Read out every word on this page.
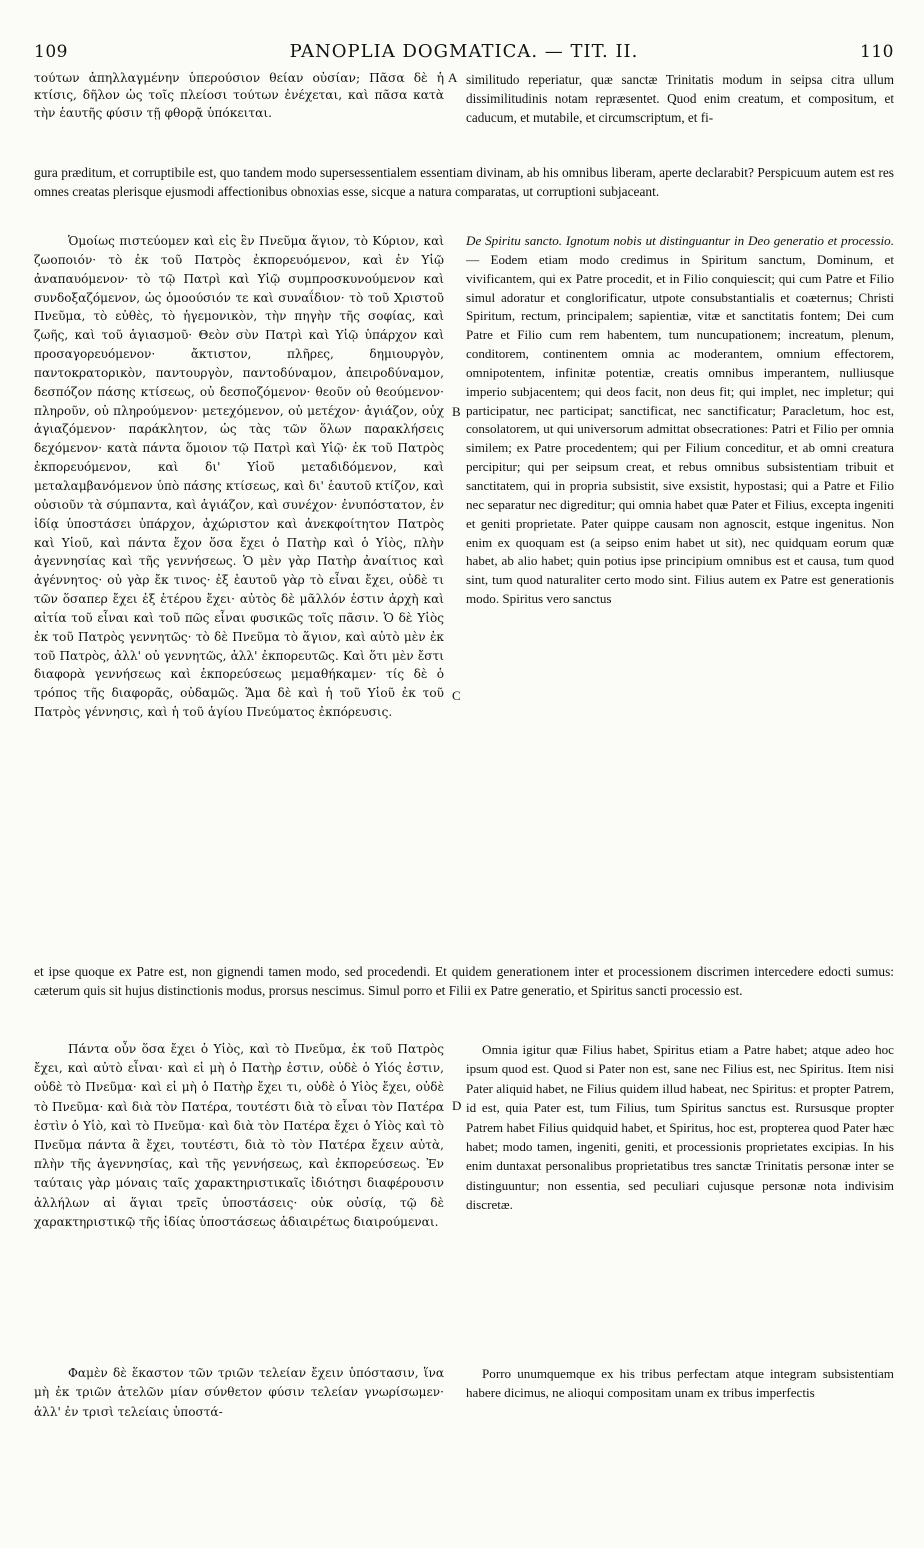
109	PANOPLIA DOGMATICA. — TIT. II.	110

τούτων ἀπηλλαγμένην ὑπερούσιον θείαν οὐσίαν; Πᾶσα δὲ ἡ κτίσις, δῆλον ὡς τοῖς πλείοσι τούτων ἐνέχεται, καὶ πᾶσα κατὰ τὴν ἑαυτῆς φύσιν τῇ φθορᾷ ὑπόκειται.

A similitudo reperiatur, quæ sanctæ Trinitatis modum in seipsa citra ullum dissimilitudinis notam repræsentet. Quod enim creatum, et compositum, et caducum, et mutabile, et circumscriptum, et fi-

gura præditum, et corruptibile est, quo tandem modo supersessentialem essentiam divinam, ab his omnibus liberam, aperte declarabit? Perspicuum autem est res omnes creatas plerisque ejusmodi affectionibus obnoxias esse, sicque a natura comparatas, ut corruptioni subjaceant.

Ὁμοίως πιστεύομεν καὶ εἰς ἓν Πνεῦμα ἅγιον, τὸ Κύριον, καὶ ζωοποιόν· τὸ ἐκ τοῦ Πατρὸς ἐκπορευόμενον, καὶ ἐν Υἱῷ ἀναπαυόμενον· τὸ τῷ Πατρὶ καὶ Υἱῷ συμπροσκυνούμενον καὶ συνδοξαζόμενον, ὡς ὁμοούσιόν τε καὶ συναΐδιον· τὸ τοῦ Χριστοῦ Πνεῦμα, τὸ εὐθὲς, τὸ ἡγεμονικὸν, τὴν πηγὴν τῆς σοφίας, καὶ ζωῆς, καὶ τοῦ ἁγιασμοῦ· Θεὸν σὺν Πατρὶ καὶ Υἱῷ ὑπάρχον καὶ προσαγορευόμενον· ἄκτιστον, πλῆρες, δημιουργὸν, παντοκρατορικὸν, παντουργὸν, παντοδύναμον, ἀπειροδύναμον, δεσπόζον πάσης κτίσεως, οὐ δεσποζόμενον· θεοῦν οὐ θεούμενον· πληροῦν, οὐ πληρούμενον· μετεχόμενον, οὐ μετέχον· ἁγιάζον, οὐχ ἁγιαζόμενον· παράκλητον, ὡς τὰς τῶν ὅλων παρακλήσεις δεχόμενον· κατὰ πάντα ὅμοιον τῷ Πατρὶ καὶ Υἱῷ· ἐκ τοῦ Πατρὸς ἐκπορευόμενον, καὶ δι' Υἱοῦ μεταδιδόμενον, καὶ μεταλαμβανόμενον ὑπὸ πάσης κτίσεως, καὶ δι' ἑαυτοῦ κτίζον, καὶ οὐσιοῦν τὰ σύμπαντα, καὶ ἁγιάζον, καὶ συνέχον· ἐνυπόστατον, ἐν ἰδίᾳ ὑποστάσει ὑπάρχον, ἀχώριστον καὶ ἀνεκφοίτητον Πατρὸς καὶ Υἱοῦ, καὶ πάντα ἔχον ὅσα ἔχει ὁ Πατὴρ καὶ ὁ Υἱὸς, πλὴν ἀγεννησίας καὶ τῆς γεννήσεως. Ὁ μὲν γὰρ Πατὴρ ἀναίτιος καὶ ἀγέννητος· οὐ γὰρ ἔκ τινος· ἐξ ἑαυτοῦ γὰρ τὸ εἶναι ἔχει, οὐδὲ τι τῶν ὅσαπερ ἔχει ἐξ ἑτέρου ἔχει· αὐτὸς δὲ μᾶλλόν ἐστιν ἀρχὴ καὶ αἰτία τοῦ εἶναι καὶ τοῦ πῶς εἶναι φυσικῶς τοῖς πᾶσιν. Ὁ δὲ Υἱὸς ἐκ τοῦ Πατρὸς γεννητῶς· τὸ δὲ Πνεῦμα τὸ ἅγιον, καὶ αὐτὸ μὲν ἐκ τοῦ Πατρὸς, ἀλλ' οὐ γεννητῶς, ἀλλ' ἐκπορευτῶς. Καὶ ὅτι μὲν ἔστι διαφορὰ γεννήσεως καὶ ἐκπορεύσεως μεμαθήκαμεν· τίς δὲ ὁ τρόπος τῆς διαφορᾶς, οὐδαμῶς. Ἅμα δὲ καὶ ἡ τοῦ Υἱοῦ ἐκ τοῦ Πατρὸς γέννησις, καὶ ἡ τοῦ ἁγίου Πνεύματος ἐκπόρευσις.

B
C

De Spiritu sancto. Ignotum nobis ut distinguantur in Deo generatio et processio. — Eodem etiam modo credimus in Spiritum sanctum, Dominum, et vivificantem, qui ex Patre procedit, et in Filio conquiescit; qui cum Patre et Filio simul adoratur et conglorificatur, utpote consubstantialis et coæternus; Christi Spiritum, rectum, principalem; sapientiæ, vitæ et sanctitatis fontem; Dei cum Patre et Filio cum rem habentem, tum nuncupationem; increatum, plenum, conditorem, continentem omnia ac moderantem, omnium effectorem, omnipotentem, infinitæ potentiæ, creatis omnibus imperantem, nulliusque imperio subjacentem; qui deos facit, non deus fit; qui implet, nec impletur; qui participatur, nec participat; sanctificat, nec sanctificatur; Paracletum, hoc est, consolatorem, ut qui universorum admittat obsecrationes: Patri et Filio per omnia similem; ex Patre procedentem; qui per Filium conceditur, et ab omni creatura percipitur; qui per seipsum creat, et rebus omnibus subsistentiam tribuit et sanctitatem, qui in propria subsistit, sive exsistit, hypostasi; qui a Patre et Filio nec separatur nec digreditur; qui omnia habet quæ Pater et Filius, excepta ingeniti et geniti proprietate. Pater quippe causam non agnoscit, estque ingenitus. Non enim ex quoquam est (a seipso enim habet ut sit), nec quidquam eorum quæ habet, ab alio habet; quin potius ipse principium omnibus est et causa, tum quod sint, tum quod naturaliter certo modo sint. Filius autem ex Patre est generationis modo. Spiritus vero sanctus

et ipse quoque ex Patre est, non gignendi tamen modo, sed procedendi. Et quidem generationem inter et processionem discrimen intercedere edocti sumus: cæterum quis sit hujus distinctionis modus, prorsus nescimus. Simul porro et Filii ex Patre generatio, et Spiritus sancti processio est.

Πάντα οὖν ὅσα ἔχει ὁ Υἱὸς, καὶ τὸ Πνεῦμα, ἐκ τοῦ Πατρὸς ἔχει, καὶ αὐτὸ εἶναι· καὶ εἰ μὴ ὁ Πατὴρ ἐστιν, οὐδὲ ὁ Υἱός ἐστιν, οὐδὲ τὸ Πνεῦμα· καὶ εἰ μὴ ὁ Πατὴρ ἔχει τι, οὐδὲ ὁ Υἱὸς ἔχει, οὐδὲ τὸ Πνεῦμα· καὶ διὰ τὸν Πατέρα, τουτέστι διὰ τὸ εἶναι τὸν Πατέρα ἐστὶν ὁ Υἱὸ, καὶ τὸ Πνεῦμα· καὶ διὰ τὸν Πατέρα ἔχει ὁ Υἱὸς καὶ τὸ Πνεῦμα πάντα ἃ ἔχει, τουτέστι, διὰ τὸ τὸν Πατέρα ἔχειν αὐτὰ, πλὴν τῆς ἀγεννησίας, καὶ τῆς γεννήσεως, καὶ ἐκπορεύσεως. Ἐν ταύταις γὰρ μόναις ταῖς χαρακτηριστικαῖς ἰδιότησι διαφέρουσιν ἀλλήλων αἱ ἅγιαι τρεῖς ὑποστάσεις· οὐκ οὐσίᾳ, τῷ δὲ χαρακτηριστικῷ τῆς ἰδίας ὑποστάσεως ἀδιαιρέτως διαιρούμεναι.

D

Omnia igitur quæ Filius habet, Spiritus etiam a Patre habet; atque adeo hoc ipsum quod est. Quod si Pater non est, sane nec Filius est, nec Spiritus. Item nisi Pater aliquid habet, ne Filius quidem illud habeat, nec Spiritus: et propter Patrem, id est, quia Pater est, tum Filius, tum Spiritus sanctus est. Rursusque propter Patrem habet Filius quidquid habet, et Spiritus, hoc est, propterea quod Pater hæc habet; modo tamen, ingeniti, geniti, et processionis proprietates excipias. In his enim duntaxat personalibus proprietatibus tres sanctæ Trinitatis personæ inter se distinguuntur; non essentia, sed peculiari cujusque personæ nota indivisim discretæ.

Φαμὲν δὲ ἕκαστον τῶν τριῶν τελείαν ἔχειν ὑπόστασιν, ἵνα μὴ ἐκ τριῶν ἀτελῶν μίαν σύνθετον φύσιν τελείαν γνωρίσωμεν· ἀλλ' ἐν τρισὶ τελείαις ὑποστά-

Porro unumquemque ex his tribus perfectam atque integram subsistentiam habere dicimus, ne alioqui compositam unam ex tribus imperfectis
